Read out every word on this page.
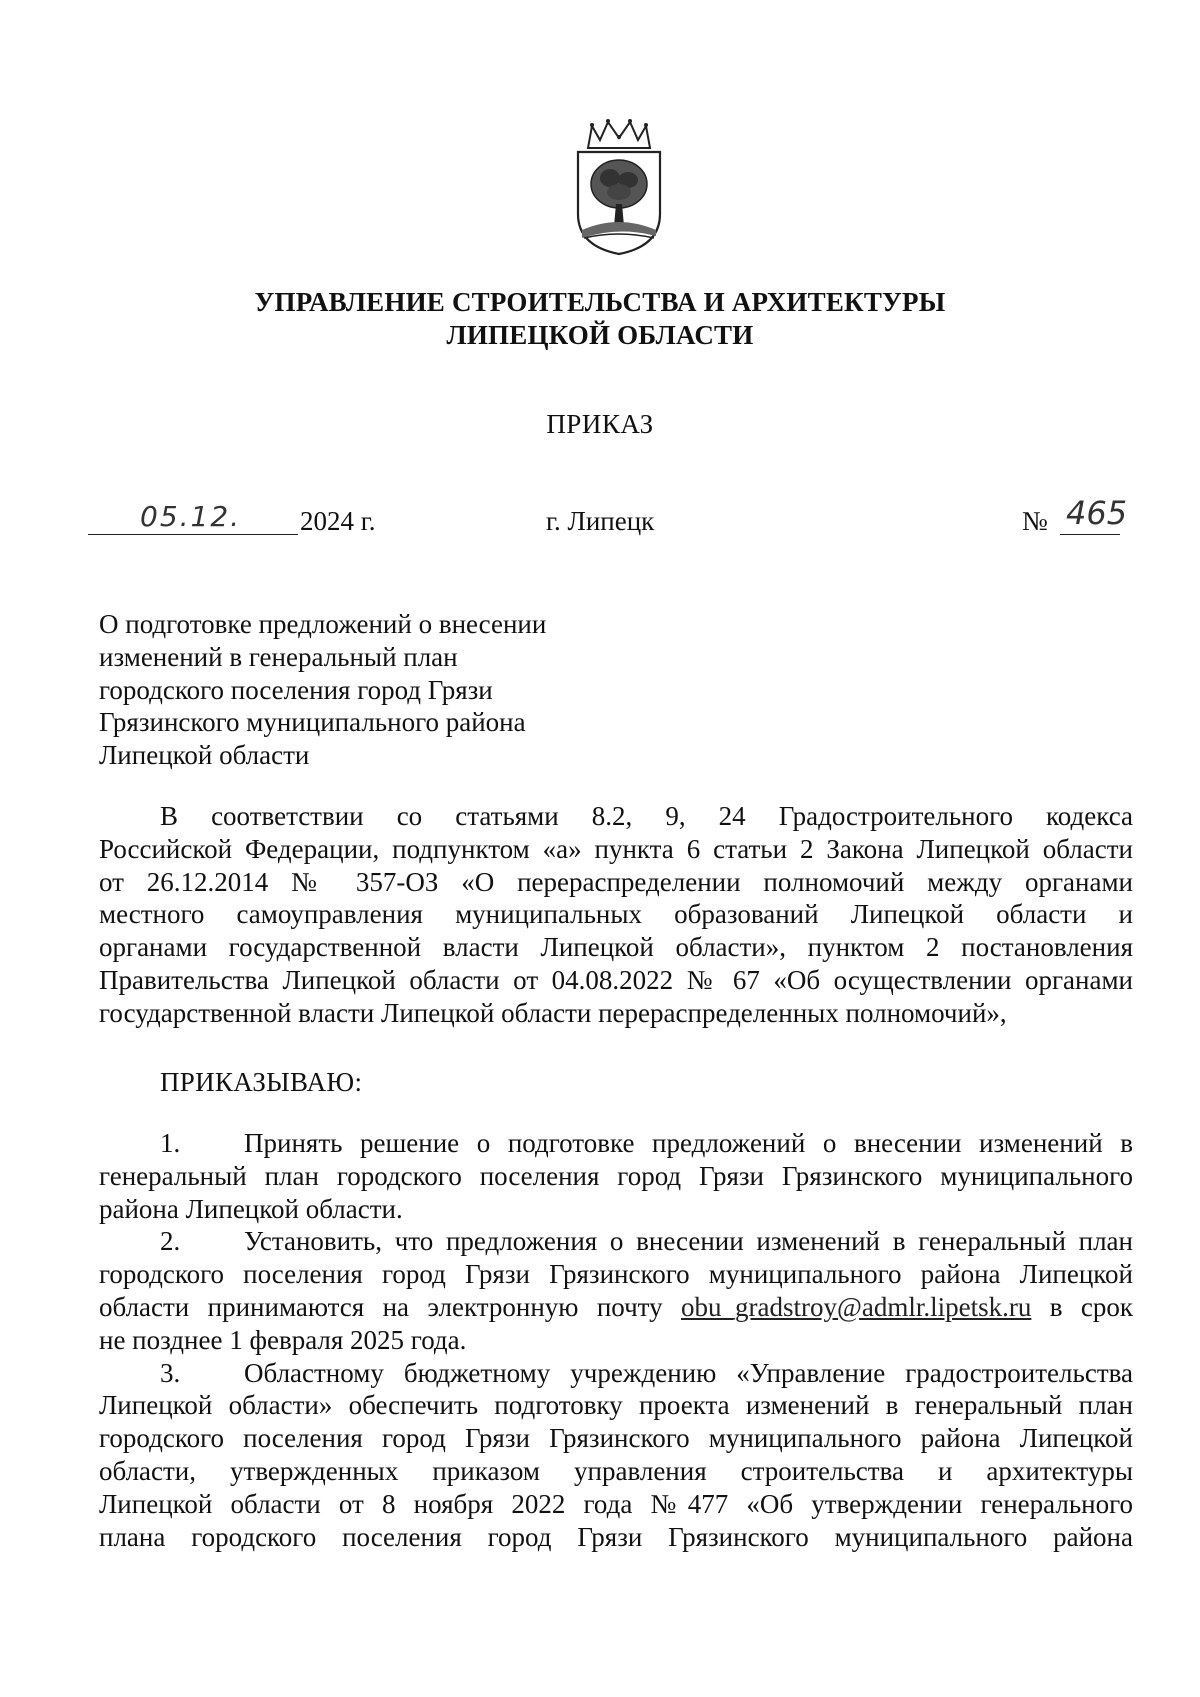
УПРАВЛЕНИЕ СТРОИТЕЛЬСТВА И АРХИТЕКТУРЫ
ЛИПЕЦКОЙ ОБЛАСТИ
ПРИКАЗ
05.12. 2024 г.	г. Липецк	№ 465
О подготовке предложений о внесении
изменений в генеральный план
городского поселения город Грязи
Грязинского муниципального района
Липецкой области
В соответствии со статьями 8.2, 9, 24 Градостроительного кодекса
Российской Федерации, подпунктом «а» пункта 6 статьи 2 Закона Липецкой области
от 26.12.2014 № 357-ОЗ «О перераспределении полномочий между органами
местного самоуправления муниципальных образований Липецкой области и
органами государственной власти Липецкой области», пунктом 2 постановления
Правительства Липецкой области от 04.08.2022 № 67 «Об осуществлении органами
государственной власти Липецкой области перераспределенных полномочий»,
ПРИКАЗЫВАЮ:
1. Принять решение о подготовке предложений о внесении изменений в
генеральный план городского поселения город Грязи Грязинского муниципального
района Липецкой области.
2. Установить, что предложения о внесении изменений в генеральный план
городского поселения город Грязи Грязинского муниципального района Липецкой
области принимаются на электронную почту obu_gradstroy@admlr.lipetsk.ru в срок
не позднее 1 февраля 2025 года.
3. Областному бюджетному учреждению «Управление градостроительства
Липецкой области» обеспечить подготовку проекта изменений в генеральный план
городского поселения город Грязи Грязинского муниципального района Липецкой
области, утвержденных приказом управления строительства и архитектуры
Липецкой области от 8 ноября 2022 года №477 «Об утверждении генерального
плана городского поселения город Грязи Грязинского муниципального района
